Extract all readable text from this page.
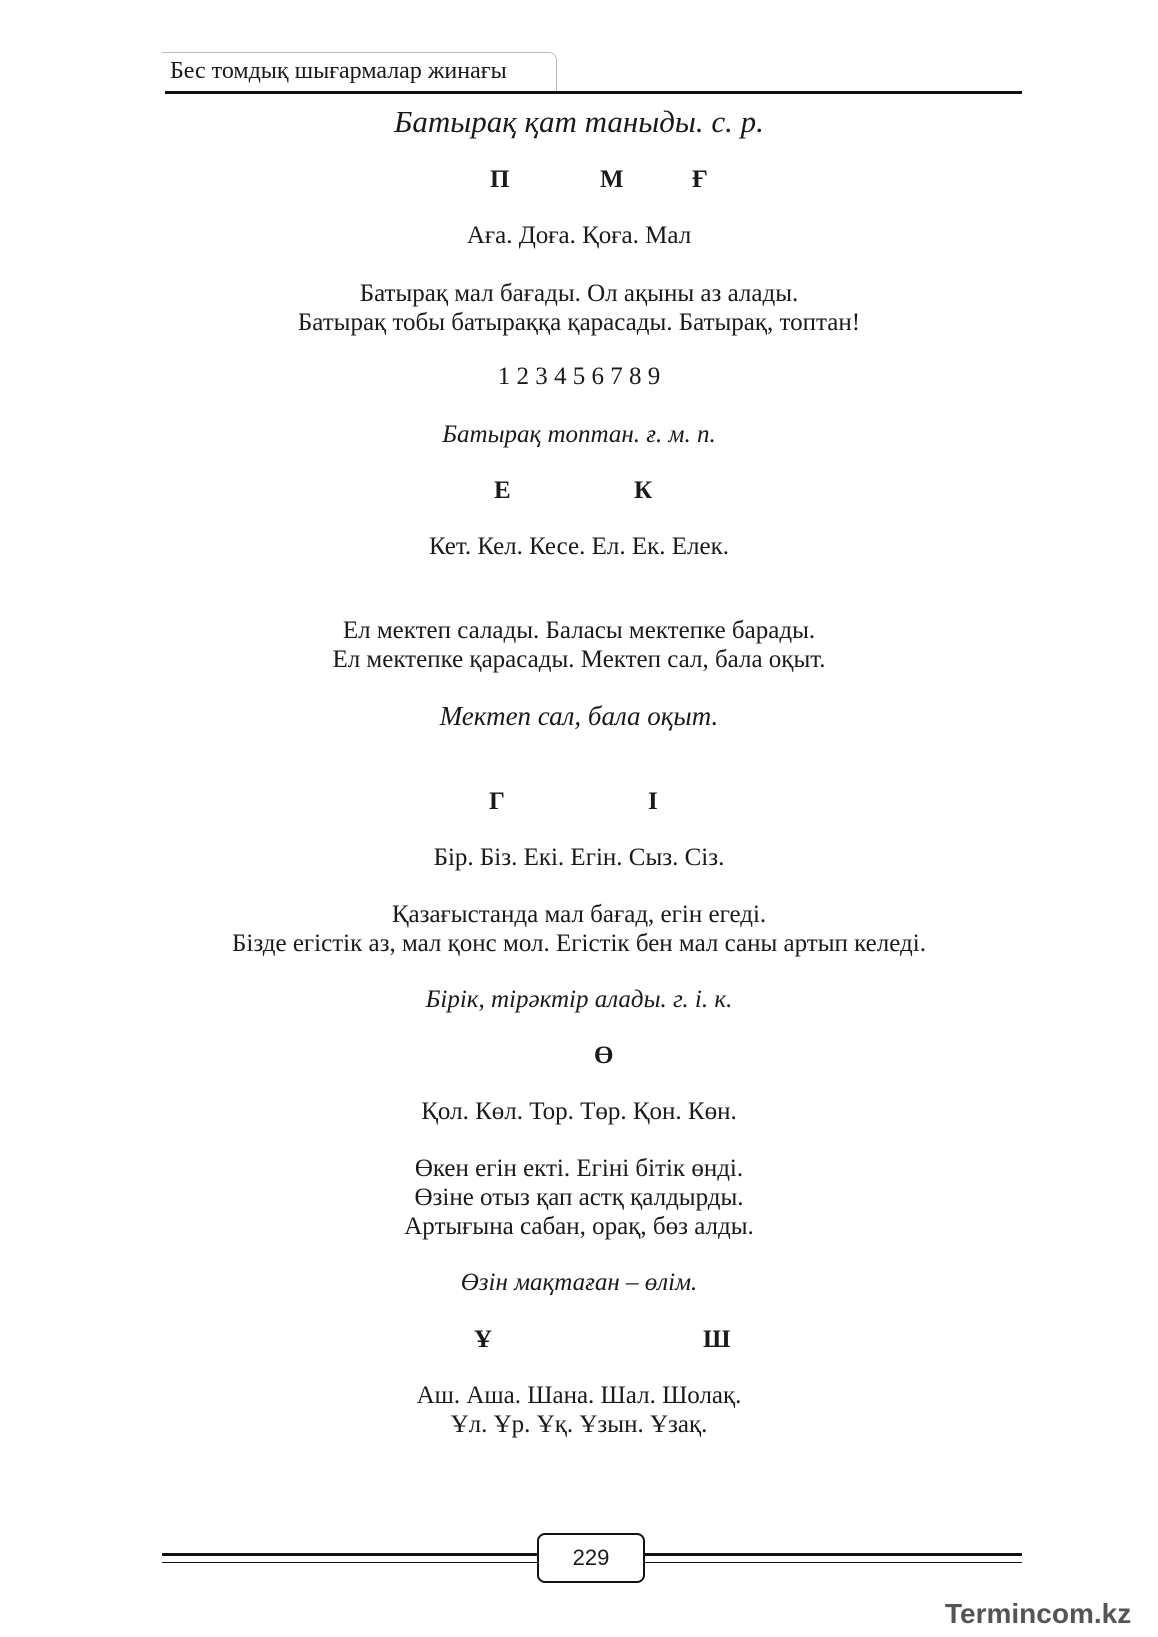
Бес томдық шығармалар жинағы
Батырақ қат таныды. с. р.
П	М	Ғ
Аға. Доға. Қоға. Мал
Батырақ мал бағады. Ол ақыны аз алады.
Батырақ тобы батыраққа қарасады. Батырақ, топтан!
1 2 3 4 5 6 7 8 9
Батырақ топтан. ғ. м. п.
Е	К
Кет. Кел. Кесе. Ел. Ек. Елек.
Ел мектеп салады. Баласы мектепке барады.
Ел мектепке қарасады. Мектеп сал, бала оқыт.
Мектеп сал, бала оқыт.
Г	І
Бір. Біз. Екі. Егін. Сыз. Сіз.
Қазағыстанда мал бағад, егін егеді.
Бізде егістік аз, мал қонс мол. Егістік бен мал саны артып келеді.
Бірік, тірәктір алады. г. і. к.
Ө
Қол. Көл. Тор. Төр. Қон. Көн.
Өкен егін екті. Егіні бітік өнді.
Өзіне отыз қап астқ қалдырды.
Артығына сабан, орақ, бөз алды.
Өзін мақтаған – өлім.
Ұ	Ш
Аш. Аша. Шана. Шал. Шолақ.
Ұл. Ұр. Ұқ. Ұзын. Ұзақ.
229
Termincom.kz
